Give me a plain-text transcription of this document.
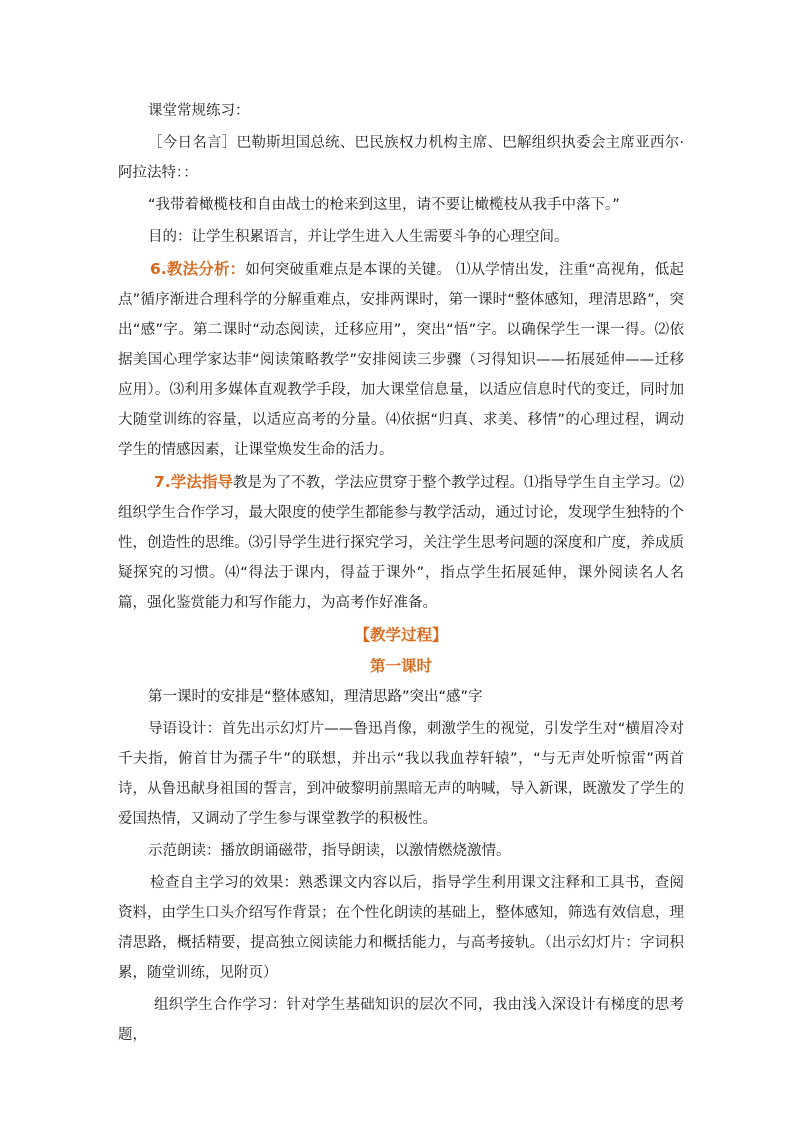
课堂常规练习：

［今日名言］巴勒斯坦国总统、巴民族权力机构主席、巴解组织执委会主席亚西尔·阿拉法特：：

“我带着橄榄枝和自由战士的枪来到这里，请不要让橄榄枝从我手中落下。”

目的：让学生积累语言，并让学生进入人生需要斗争的心理空间。

6.教法分析：如何突破重难点是本课的关键。 ⑴从学情出发，注重“高视角，低起点”循序渐进合理科学的分解重难点，安排两课时，第一课时“整体感知，理清思路”，突出“感”字。第二课时“动态阅读，迁移应用”，突出“悟”字。以确保学生一课一得。⑵依据美国心理学家达菲“阅读策略教学”安排阅读三步骤（习得知识——拓展延伸——迁移应用）。⑶利用多媒体直观教学手段，加大课堂信息量，以适应信息时代的变迁，同时加大随堂训练的容量，以适应高考的分量。⑷依据“归真、求美、移情”的心理过程，调动学生的情感因素，让课堂焕发生命的活力。

7.学法指导教是为了不教，学法应贯穿于整个教学过程。⑴指导学生自主学习。⑵组织学生合作学习，最大限度的使学生都能参与教学活动，通过讨论，发现学生独特的个性，创造性的思维。⑶引导学生进行探究学习，关注学生思考问题的深度和广度，养成质疑探究的习惯。⑷“得法于课内，得益于课外”，指点学生拓展延伸，课外阅读名人名篇，强化鉴赏能力和写作能力，为高考作好准备。

【教学过程】

第一课时

第一课时的安排是“整体感知，理清思路”突出“感”字

导语设计：首先出示幻灯片——鲁迅肖像，刺激学生的视觉，引发学生对“横眉冷对千夫指，俯首甘为孺子牛”的联想，并出示“我以我血荐轩辕”，“与无声处听惊雷”两首诗，从鲁迅献身祖国的誓言，到冲破黎明前黑暗无声的呐喊，导入新课，既激发了学生的爱国热情，又调动了学生参与课堂教学的积极性。

示范朗读：播放朗诵磁带，指导朗读，以激情燃烧激情。

检查自主学习的效果：熟悉课文内容以后，指导学生利用课文注释和工具书，查阅资料，由学生口头介绍写作背景；在个性化朗读的基础上，整体感知，筛选有效信息，理清思路，概括精要，提高独立阅读能力和概括能力，与高考接轨。（出示幻灯片：字词积累，随堂训练，见附页）

组织学生合作学习：针对学生基础知识的层次不同，我由浅入深设计有梯度的思考题，
